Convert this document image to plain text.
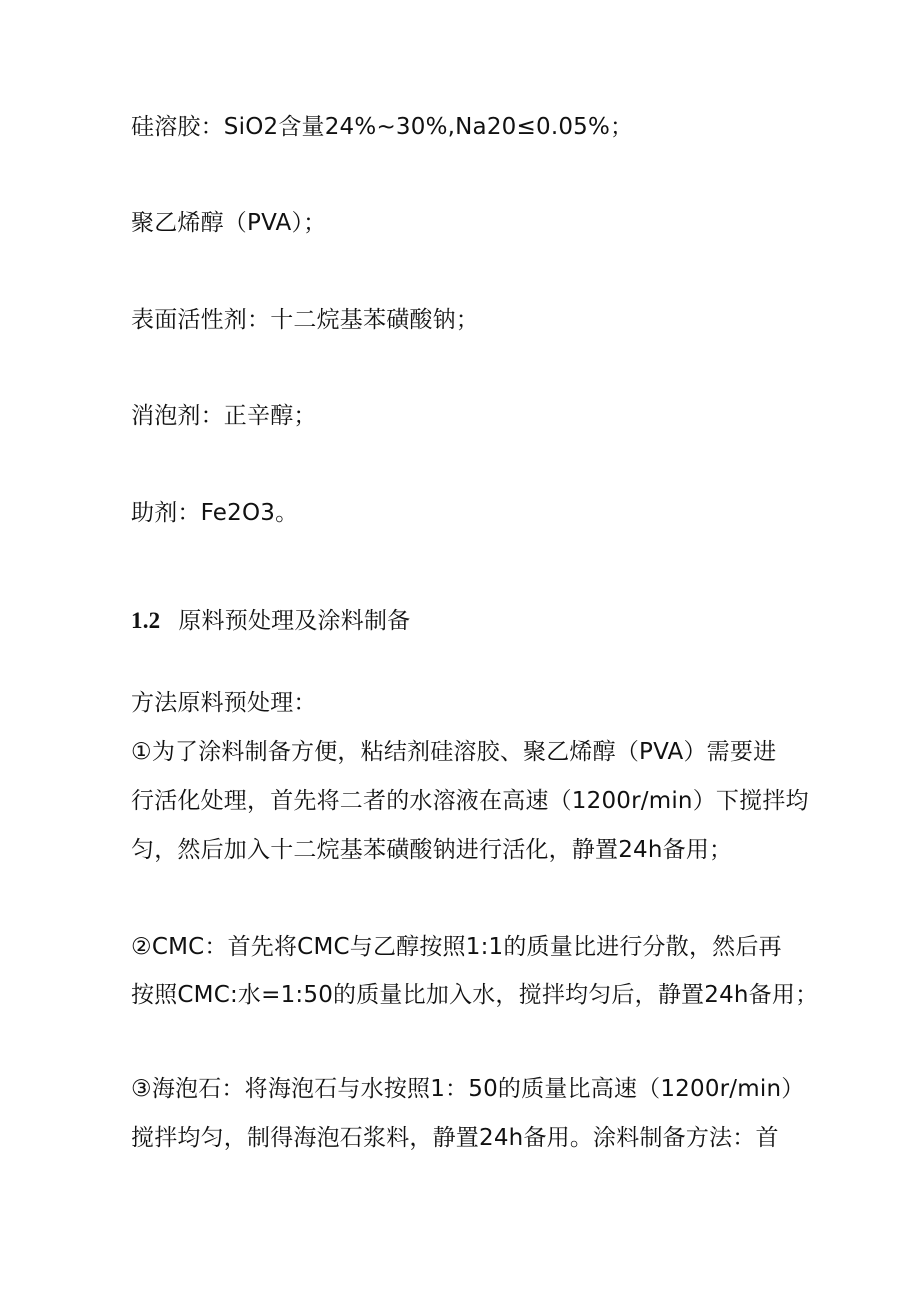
硅溶胶：SiO2含量24%~30%,Na20≤0.05%；
聚乙烯醇（PVA）；
表面活性剂：十二烷基苯磺酸钠；
消泡剂：正辛醇；
助剂：Fe2O3。
1.2 原料预处理及涂料制备
方法原料预处理：
①为了涂料制备方便，粘结剂硅溶胶、聚乙烯醇（PVA）需要进
行活化处理，首先将二者的水溶液在高速（1200r/min）下搅拌均
匀，然后加入十二烷基苯磺酸钠进行活化，静置24h备用；
②CMC：首先将CMC与乙醇按照1:1的质量比进行分散，然后再
按照CMC:水=1:50的质量比加入水，搅拌均匀后，静置24h备用；
③海泡石：将海泡石与水按照1：50的质量比高速（1200r/min）
搅拌均匀，制得海泡石浆料，静置24h备用。涂料制备方法：首
